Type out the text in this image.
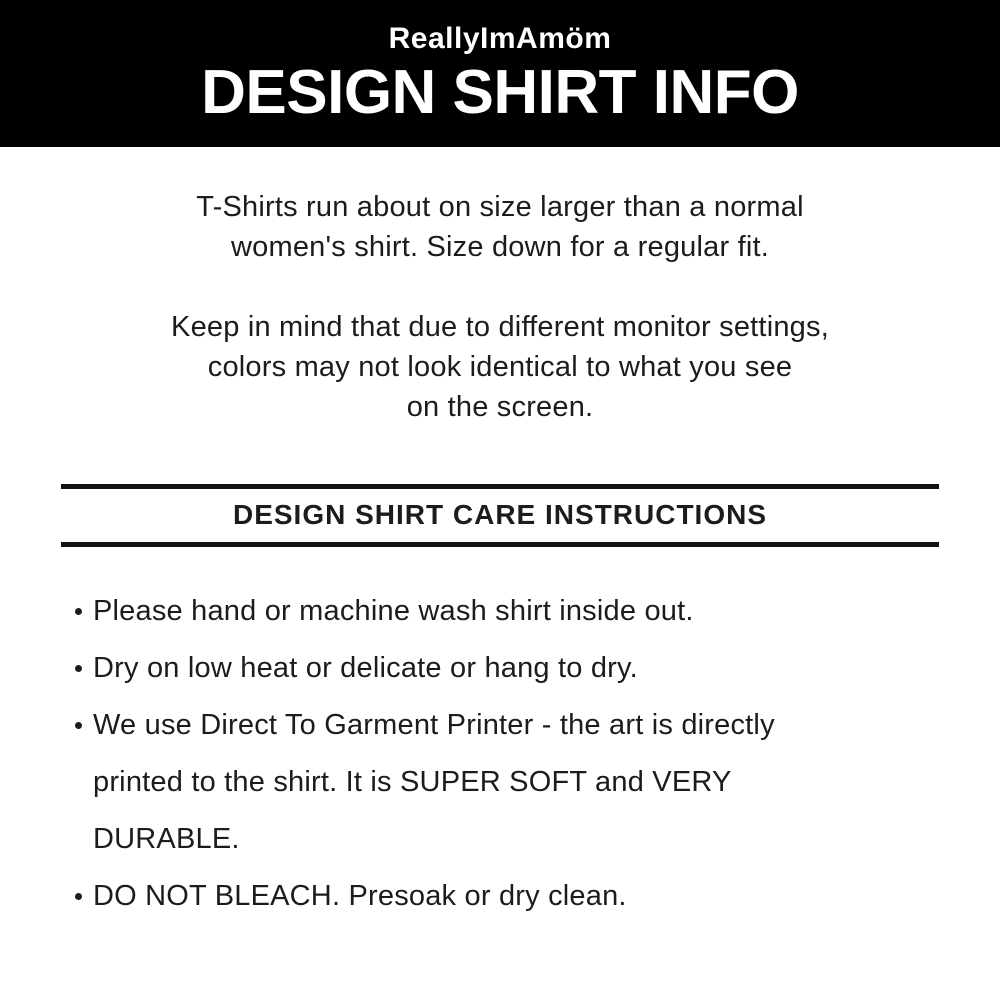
ReallyImAmöm
DESIGN SHIRT INFO
T-Shirts run about on size larger than a normal
women's shirt. Size down for a regular fit.
Keep in mind that due to different monitor settings,
colors may not look identical to what you see
on the screen.
DESIGN SHIRT CARE INSTRUCTIONS
Please hand or machine wash shirt inside out.
Dry on low heat or delicate or hang to dry.
We use Direct To Garment Printer - the art is directly
printed to the shirt. It is SUPER SOFT and VERY
DURABLE.
DO NOT BLEACH. Presoak or dry clean.
